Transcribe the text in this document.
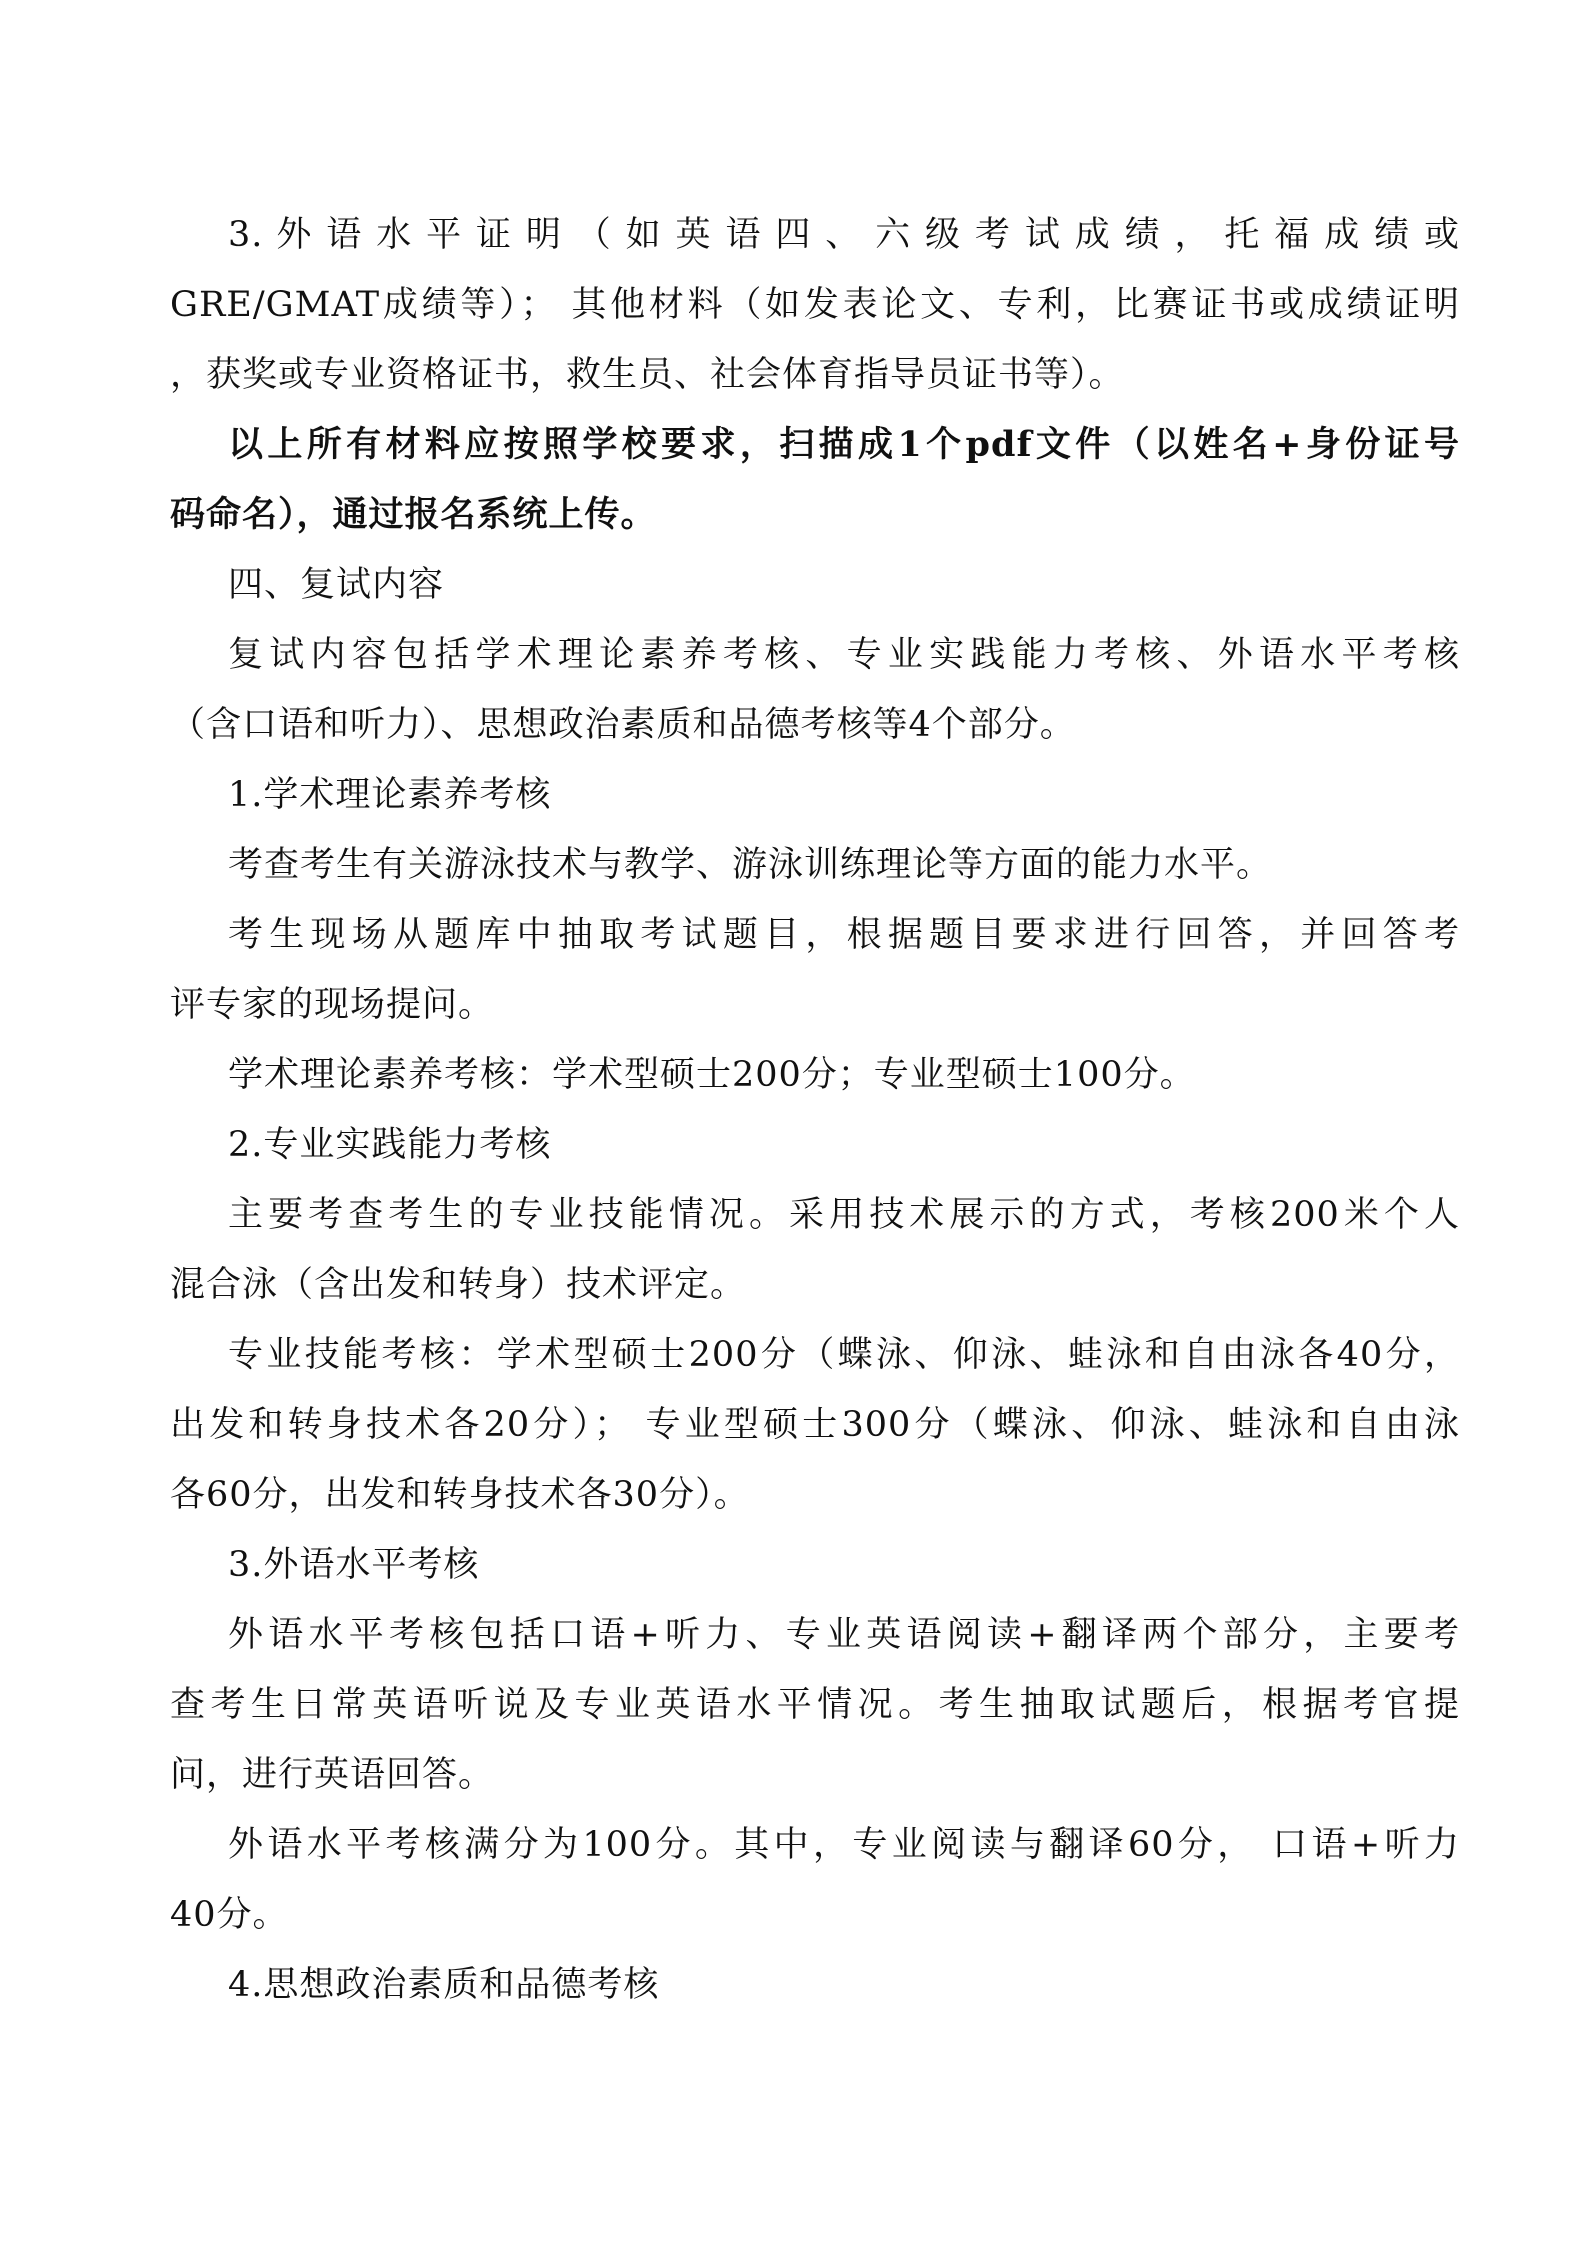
3. 外 语 水 平 证 明 （ 如 英 语 四 、 六 级 考 试 成 绩 ， 托 福 成 绩 或
GRE/GMAT成绩等）； 其他材料（如发表论文、专利，比赛证书或成绩证明
，获奖或专业资格证书，救生员、社会体育指导员证书等）。
以上所有材料应按照学校要求，扫描成1个pdf文件（以姓名+身份证号
码命名），通过报名系统上传。
四、复试内容
复试内容包括学术理论素养考核、专业实践能力考核、外语水平考核
（含口语和听力）、思想政治素质和品德考核等4个部分。
1.学术理论素养考核
考查考生有关游泳技术与教学、游泳训练理论等方面的能力水平。
考生现场从题库中抽取考试题目，根据题目要求进行回答，并回答考
评专家的现场提问。
学术理论素养考核：学术型硕士200分；专业型硕士100分。
2.专业实践能力考核
主要考查考生的专业技能情况。采用技术展示的方式，考核200米个人
混合泳（含出发和转身）技术评定。
专业技能考核：学术型硕士200分（蝶泳、仰泳、蛙泳和自由泳各40分，
出发和转身技术各20分）； 专业型硕士300分（蝶泳、仰泳、蛙泳和自由泳
各60分，出发和转身技术各30分）。
3.外语水平考核
外语水平考核包括口语+听力、专业英语阅读+翻译两个部分，主要考
查考生日常英语听说及专业英语水平情况。考生抽取试题后，根据考官提
问，进行英语回答。
外语水平考核满分为100分。其中，专业阅读与翻译60分， 口语+听力
40分。
4.思想政治素质和品德考核
